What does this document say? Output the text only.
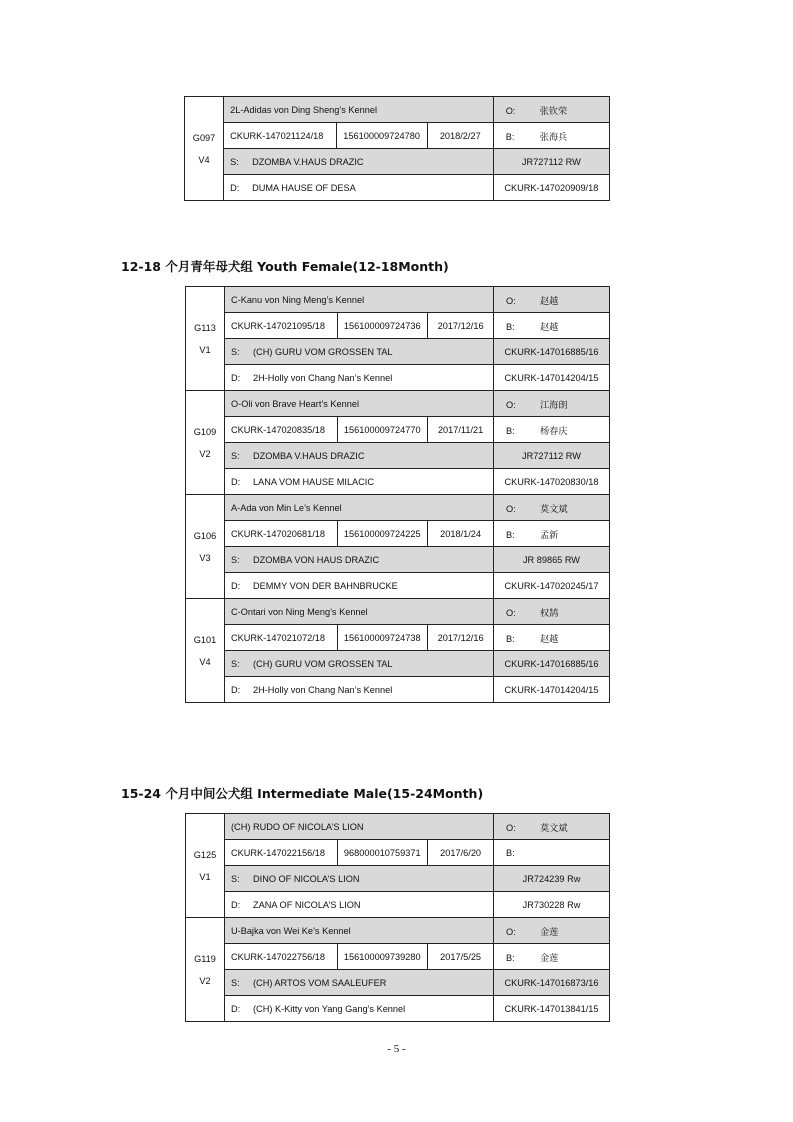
12-18 个月青年母犬组 Youth Female(12-18Month)
15-24 个月中间公犬组 Intermediate Male(15-24Month)
G097
V4	2L-Adidas von Ding Sheng’s Kennel			O: 张钦荣
	CKURK-147021124/18	156100009724780	2018/2/27	B: 张海兵
	S: DZOMBA V.HAUS DRAZIC			JR727112 RW
	D: DUMA HAUSE OF DESA			CKURK-147020909/18
G113
V1	C-Kanu von Ning Meng’s Kennel			O: 赵越
	CKURK-147021095/18	156100009724736	2017/12/16	B: 赵越
	S: (CH) GURU VOM GROSSEN TAL			CKURK-147016885/16
	D: 2H-Holly von Chang Nan’s Kennel			CKURK-147014204/15

G109
V2	O-Oli von Brave Heart’s Kennel			O: 江海朗
	CKURK-147020835/18	156100009724770	2017/11/21	B: 杨春庆
	S: DZOMBA V.HAUS DRAZIC			JR727112 RW
	D: LANA VOM HAUSE MILACIC			CKURK-147020830/18

G106
V3	A-Ada von Min Le’s Kennel			O: 莫文斌
	CKURK-147020681/18	156100009724225	2018/1/24	B: 孟新
	S: DZOMBA VON HAUS DRAZIC			JR 89865 RW
	D: DEMMY VON DER BAHNBRUCKE			CKURK-147020245/17

G101
V4	C-Ontari von Ning Meng’s Kennel			O: 权鹄
	CKURK-147021072/18	156100009724738	2017/12/16	B: 赵越
	S: (CH) GURU VOM GROSSEN TAL			CKURK-147016885/16
	D: 2H-Holly von Chang Nan’s Kennel			CKURK-147014204/15
G125
V1	(CH) RUDO OF NICOLA’S LION			O: 莫文斌
	CKURK-147022156/18	968000010759371	2017/6/20	B:
	S: DINO OF NICOLA’S LION			JR724239 Rw
	D: ZANA OF NICOLA’S LION			JR730228 Rw

G119
V2	U-Bajka von Wei Ke’s Kennel			O: 金莲
	CKURK-147022756/18	156100009739280	2017/5/25	B: 金莲
	S: (CH) ARTOS VOM SAALEUFER			CKURK-147016873/16
	D: (CH) K-Kitty von Yang Gang’s Kennel			CKURK-147013841/15
- 5 -
